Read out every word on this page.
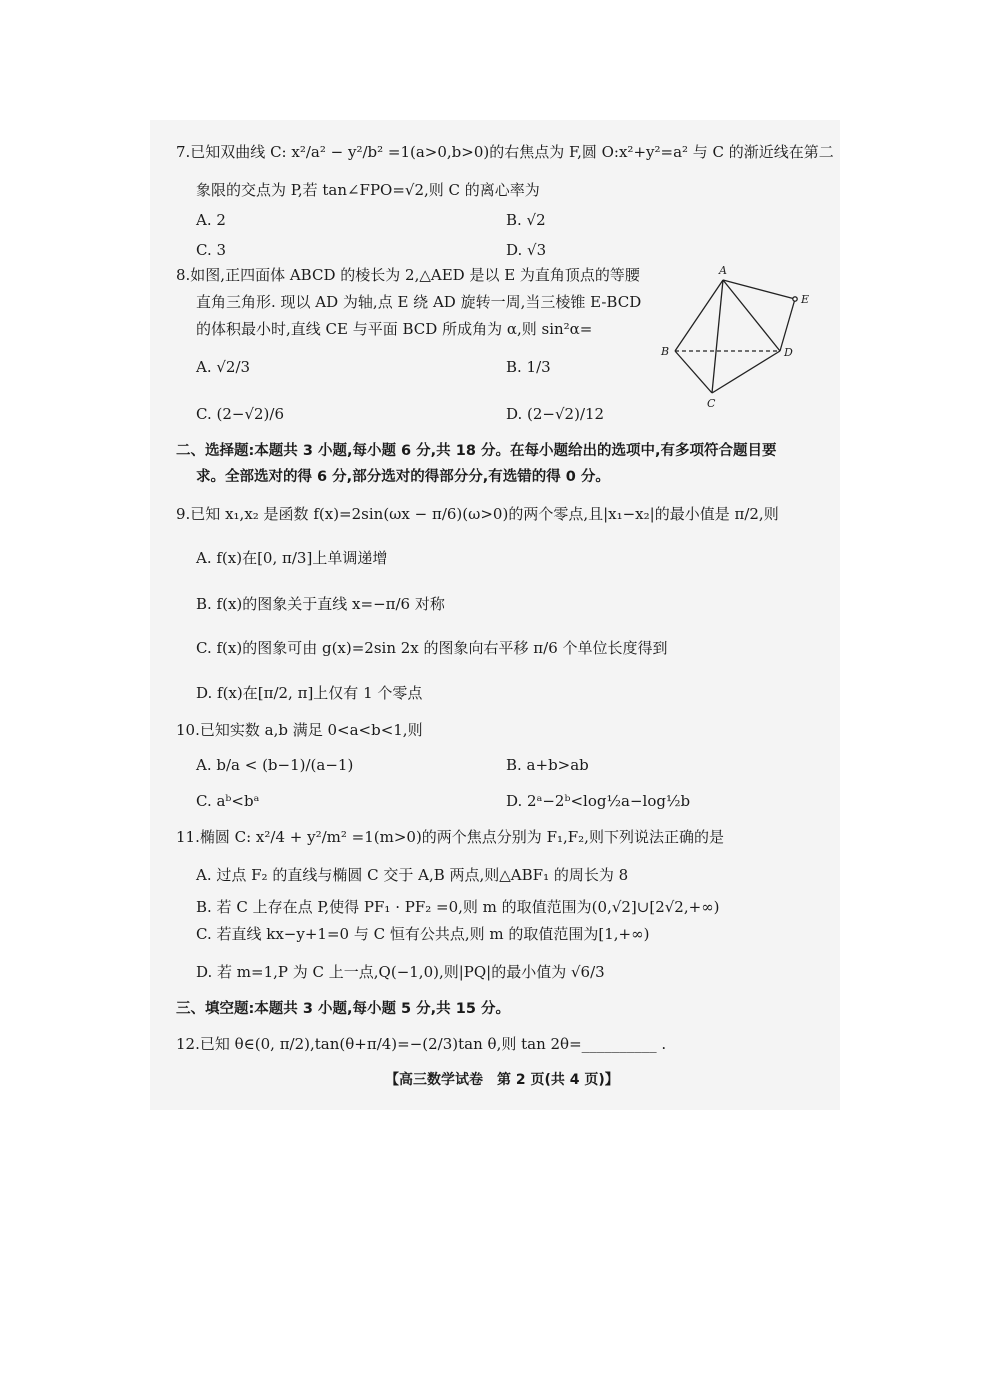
7.已知双曲线 C: x²/a² − y²/b² =1(a>0,b>0)的右焦点为 F,圆 O:x²+y²=a² 与 C 的渐近线在第二
象限的交点为 P,若 tan∠FPO=√2,则 C 的离心率为
A. 2	B. √2
C. 3	D. √3
8.如图,正四面体 ABCD 的棱长为 2,△AED 是以 E 为直角顶点的等腰
直角三角形. 现以 AD 为轴,点 E 绕 AD 旋转一周,当三棱锥 E-BCD
的体积最小时,直线 CE 与平面 BCD 所成角为 α,则 sin²α=
A. √2/3	B. 1/3
C. (2−√2)/6	D. (2−√2)/12
A
B
C
D
E
二、选择题:本题共 3 小题,每小题 6 分,共 18 分。在每小题给出的选项中,有多项符合题目要
求。全部选对的得 6 分,部分选对的得部分分,有选错的得 0 分。
9.已知 x₁,x₂ 是函数 f(x)=2sin(ωx − π/6)(ω>0)的两个零点,且|x₁−x₂|的最小值是 π/2,则
A. f(x)在[0, π/3]上单调递增
B. f(x)的图象关于直线 x=−π/6 对称
C. f(x)的图象可由 g(x)=2sin 2x 的图象向右平移 π/6 个单位长度得到
D. f(x)在[π/2, π]上仅有 1 个零点
10.已知实数 a,b 满足 0<a<b<1,则
A. b/a < (b−1)/(a−1)	B. a+b>ab
C. aᵇ<bᵃ	D. 2ᵃ−2ᵇ<log½a−log½b
11.椭圆 C: x²/4 + y²/m² =1(m>0)的两个焦点分别为 F₁,F₂,则下列说法正确的是
A. 过点 F₂ 的直线与椭圆 C 交于 A,B 两点,则△ABF₁ 的周长为 8
B. 若 C 上存在点 P,使得 PF₁ · PF₂ =0,则 m 的取值范围为(0,√2]∪[2√2,+∞)
C. 若直线 kx−y+1=0 与 C 恒有公共点,则 m 的取值范围为[1,+∞)
D. 若 m=1,P 为 C 上一点,Q(−1,0),则|PQ|的最小值为 √6/3
三、填空题:本题共 3 小题,每小题 5 分,共 15 分。
12.已知 θ∈(0, π/2),tan(θ+π/4)=−(2/3)tan θ,则 tan 2θ=__________ .
【高三数学试卷　第 2 页(共 4 页)】
